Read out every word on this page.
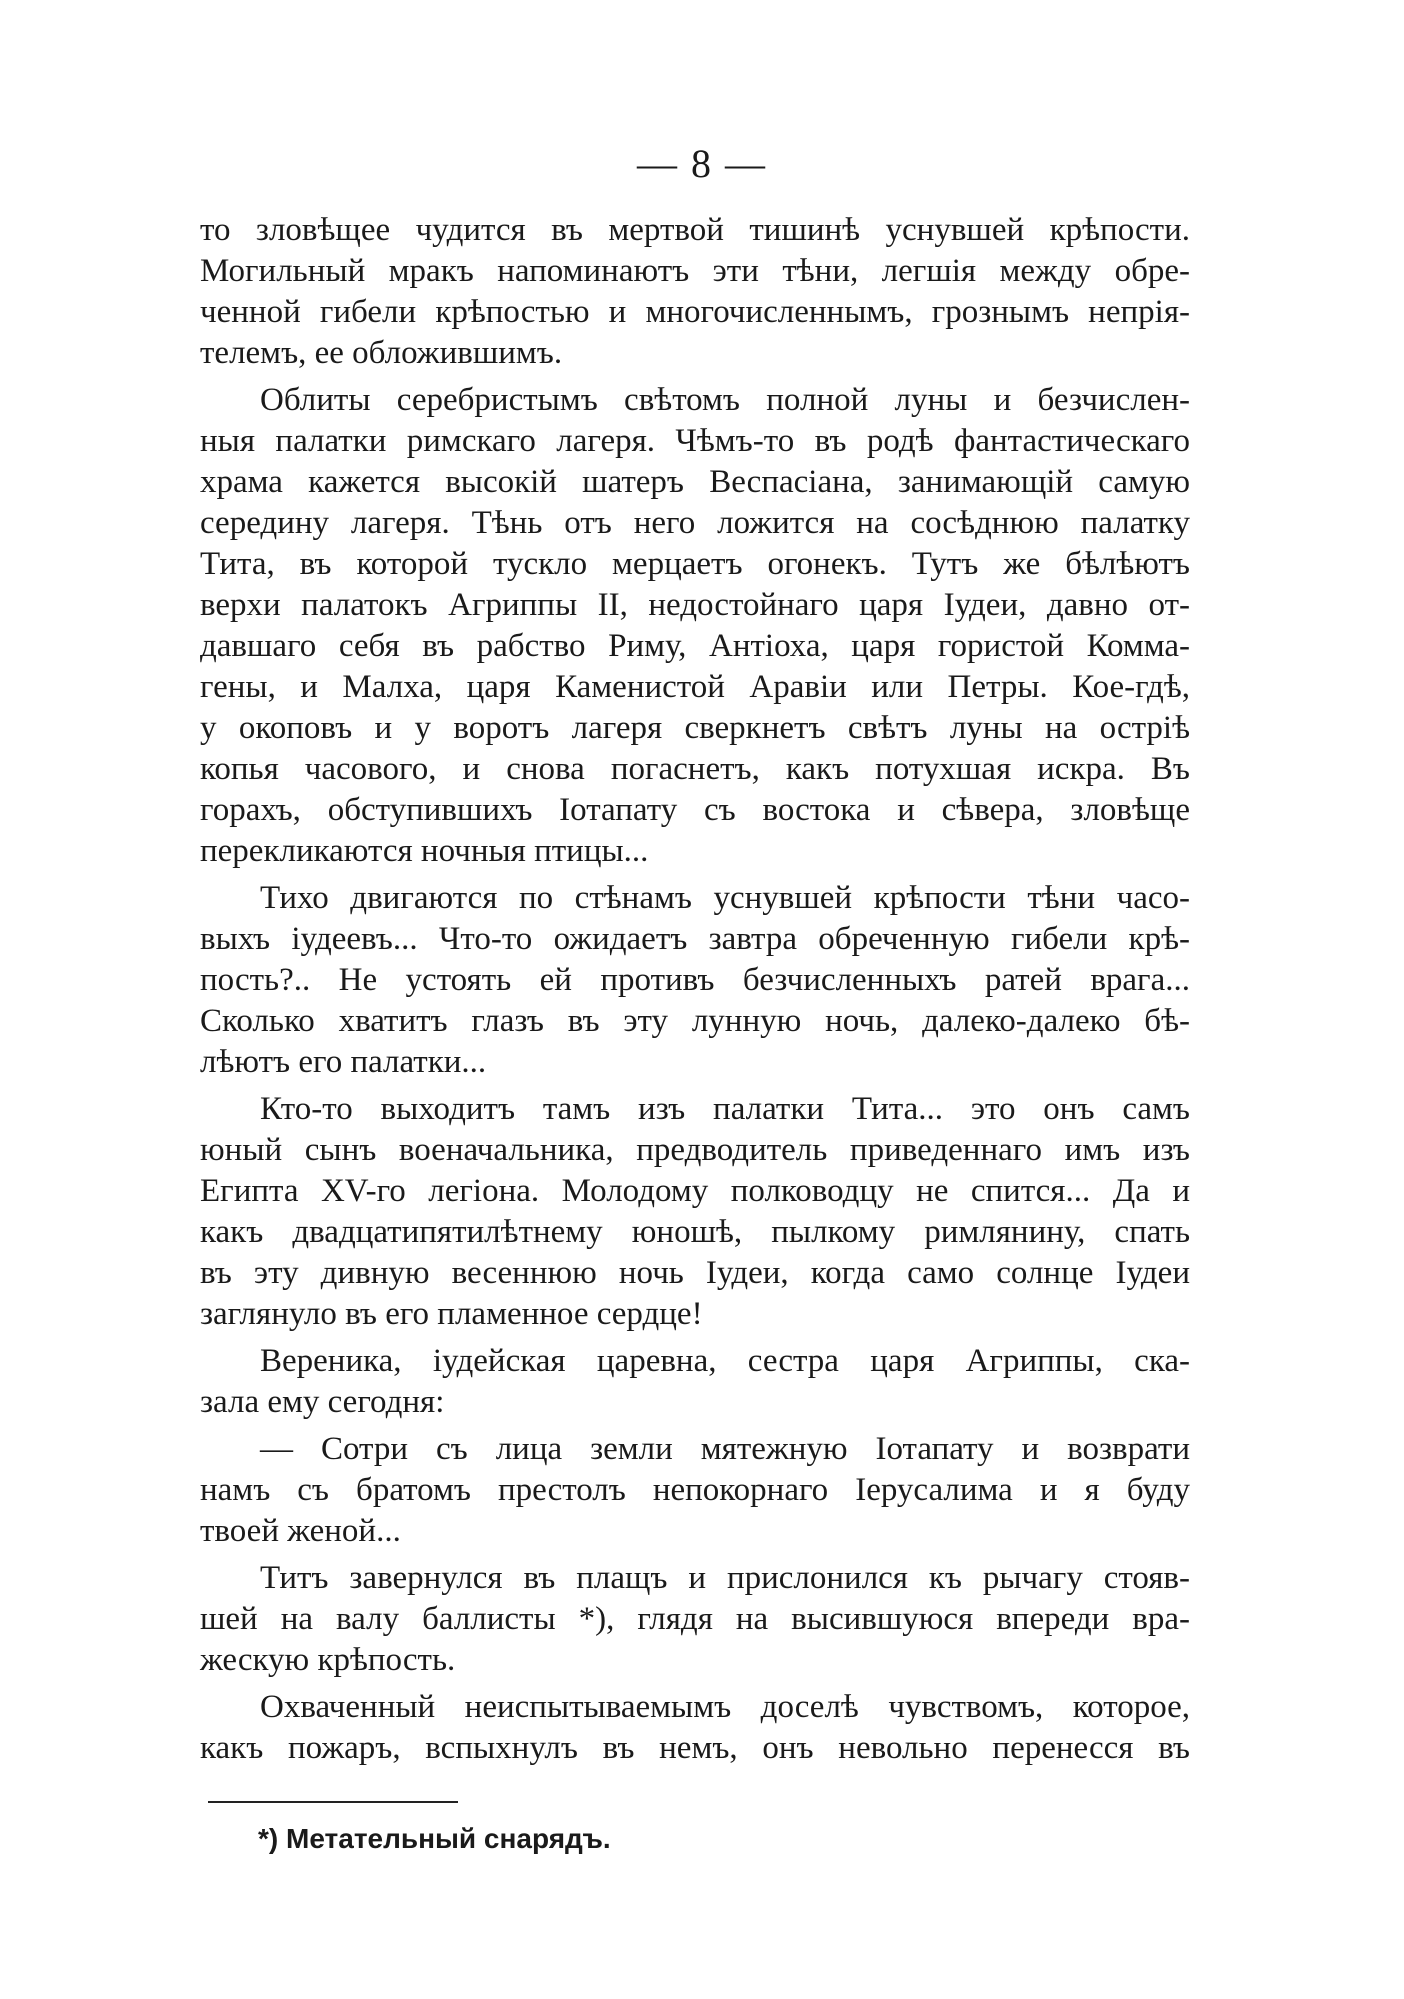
— 8 —
то зловѣщее чудится въ мертвой тишинѣ уснувшей крѣпости.
Могильный мракъ напоминаютъ эти тѣни, легшія между обре-
ченной гибели крѣпостью и многочисленнымъ, грознымъ непрія-
телемъ, ее обложившимъ.
Облиты серебристымъ свѣтомъ полной луны и безчислен-
ныя палатки римскаго лагеря. Чѣмъ-то въ родѣ фантастическаго
храма кажется высокій шатеръ Веспасіана, занимающій самую
середину лагеря. Тѣнь отъ него ложится на сосѣднюю палатку
Тита, въ которой тускло мерцаетъ огонекъ. Тутъ же бѣлѣютъ
верхи палатокъ Агриппы II, недостойнаго царя Іудеи, давно от-
давшаго себя въ рабство Риму, Антіоха, царя гористой Комма-
гены, и Малха, царя Каменистой Аравіи или Петры. Кое-гдѣ,
у окоповъ и у воротъ лагеря сверкнетъ свѣтъ луны на остріѣ
копья часового, и снова погаснетъ, какъ потухшая искра. Въ
горахъ, обступившихъ Іотапату съ востока и сѣвера, зловѣще
перекликаются ночныя птицы...
Тихо двигаются по стѣнамъ уснувшей крѣпости тѣни часо-
выхъ іудеевъ... Что-то ожидаетъ завтра обреченную гибели крѣ-
пость?.. Не устоять ей противъ безчисленныхъ ратей врага...
Сколько хватитъ глазъ въ эту лунную ночь, далеко-далеко бѣ-
лѣютъ его палатки...
Кто-то выходитъ тамъ изъ палатки Тита... это онъ самъ
юный сынъ военачальника, предводитель приведеннаго имъ изъ
Египта XV-го легіона. Молодому полководцу не спится... Да и
какъ двадцатипятилѣтнему юношѣ, пылкому римлянину, спать
въ эту дивную весеннюю ночь Іудеи, когда само солнце Іудеи
заглянуло въ его пламенное сердце!
Вереника, іудейская царевна, сестра царя Агриппы, ска-
зала ему сегодня:
— Сотри съ лица земли мятежную Іотапату и возврати
намъ съ братомъ престолъ непокорнаго Іерусалима и я буду
твоей женой...
Титъ завернулся въ плащъ и прислонился къ рычагу стояв-
шей на валу баллисты *), глядя на высившуюся впереди вра-
жескую крѣпость.
Охваченный неиспытываемымъ доселѣ чувствомъ, которое,
какъ пожаръ, вспыхнулъ въ немъ, онъ невольно перенесся въ
*) Метательный снарядъ.
